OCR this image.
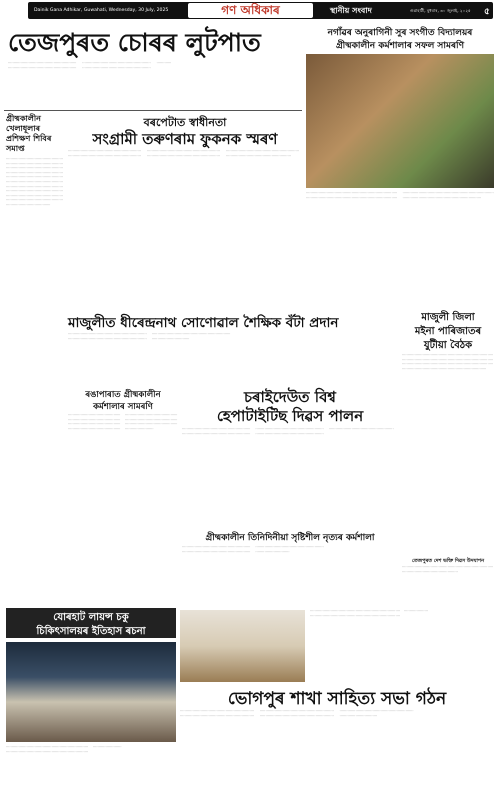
Dainik Gana Adhikar, Guwahati, Wednesday, 30 July, 2025	গণ অধিকাৰ	স্থানীয় সংবাদ	গুৱাহাটী, বুধবাৰ, ৩০ জুলাই, ২০২৫ ৫
তেজপুৰত চোৰৰ লুটপাত
ॱॱॱॱॱॱॱॱॱॱॱॱॱॱॱॱॱॱॱॱॱॱॱॱॱॱॱॱॱॱॱॱॱॱॱॱॱॱॱॱॱॱॱॱॱॱॱॱॱॱॱॱॱॱॱॱॱॱॱॱॱॱॱॱॱॱॱॱॱॱॱॱॱॱॱॱॱॱॱॱॱॱॱॱॱॱॱॱॱॱॱॱॱॱॱॱॱॱॱॱॱॱॱॱॱॱॱॱॱॱॱॱॱॱॱॱॱॱॱॱॱॱॱॱॱॱॱॱॱॱॱॱॱॱॱॱॱॱॱॱॱॱॱॱॱॱॱॱॱॱॱॱॱॱॱॱॱॱॱॱॱॱॱॱॱॱॱॱॱॱॱॱॱॱॱॱॱॱॱॱॱॱॱॱॱॱॱॱॱॱॱॱॱॱॱॱॱॱॱॱॱॱॱॱॱॱॱॱॱॱॱॱॱॱॱॱॱॱॱॱॱॱॱॱॱॱॱॱॱॱॱॱॱॱॱॱॱॱॱॱॱॱॱॱॱॱॱॱॱॱॱॱॱ
নগাঁৱৰ অনুৰাগিনী সুৰ সংগীত বিদ্যালয়ৰ
গ্ৰীষ্মকালীন কৰ্মশালাৰ সফল সামৰণি
গ্ৰীষ্মকালীন খেলাধূলাৰ প্ৰশিক্ষণ শিবিৰ সমাপ্ত
ॱॱॱॱॱॱॱॱॱॱॱॱॱॱॱॱॱॱॱॱॱॱॱॱॱॱॱॱॱॱॱॱॱॱॱॱॱॱॱॱॱॱॱॱॱॱॱॱॱॱॱॱॱॱॱॱॱॱॱॱॱॱॱॱॱॱॱॱॱॱॱॱॱॱॱॱॱॱॱॱॱॱॱॱॱॱॱॱॱॱॱॱॱॱॱॱॱॱॱॱॱॱॱॱॱॱॱॱॱॱॱॱॱॱॱॱॱॱॱॱॱॱॱॱॱॱॱॱॱॱॱॱॱॱॱॱॱॱॱॱॱॱॱॱॱॱॱॱॱॱॱॱॱॱॱॱॱॱॱॱॱॱॱॱॱॱॱॱॱॱॱॱॱॱॱॱॱॱॱॱॱॱॱॱॱॱॱॱॱॱॱॱॱॱॱॱॱॱॱॱॱॱॱॱॱॱॱॱॱॱॱॱॱॱॱॱॱॱॱॱॱॱॱॱॱॱॱॱॱॱॱॱॱॱॱॱॱॱॱॱॱॱॱॱॱॱॱॱॱॱॱॱॱॱॱॱॱॱॱॱॱॱॱॱॱॱॱॱॱॱॱॱॱॱॱॱॱॱॱॱॱॱॱॱॱॱॱॱॱॱॱॱॱॱॱॱॱॱॱॱॱॱॱॱॱॱॱॱॱॱॱॱॱॱॱॱॱॱॱॱॱॱॱॱॱॱॱॱॱॱॱॱॱॱॱॱॱॱॱॱॱॱॱॱॱॱॱॱॱॱॱॱॱॱॱॱॱॱॱॱॱॱॱॱॱॱॱॱॱॱॱॱॱॱॱॱॱॱॱॱॱॱॱॱॱॱॱॱॱॱॱॱॱॱॱॱॱॱॱॱॱॱॱॱॱॱॱॱॱॱॱॱॱॱॱॱॱॱॱॱॱॱॱॱॱॱॱॱॱॱॱॱॱॱॱॱॱॱॱॱॱॱॱॱॱॱॱॱॱॱॱॱॱॱॱॱॱॱॱॱॱॱॱॱॱॱॱॱॱॱॱॱॱॱॱॱॱॱॱॱॱॱॱॱॱॱॱॱॱॱॱॱॱॱॱॱॱॱॱॱॱॱॱॱॱॱॱॱॱॱॱॱॱॱॱॱॱॱॱॱॱॱॱॱॱॱॱॱॱॱॱॱॱॱॱॱॱॱॱ
বৰপেটাত স্বাধীনতা
সংগ্ৰামী তৰুণৰাম ফুকনক স্মৰণ
ॱॱॱॱॱॱॱॱॱॱॱॱॱॱॱॱॱॱॱॱॱॱॱॱॱॱॱॱॱॱॱॱॱॱॱॱॱॱॱॱॱॱॱॱॱॱॱॱॱॱॱॱॱॱॱॱॱॱॱॱॱॱॱॱॱॱॱॱॱॱॱॱॱॱॱॱॱॱॱॱॱॱॱॱॱॱॱॱॱॱॱॱॱॱॱॱॱॱॱॱॱॱॱॱॱॱॱॱॱॱॱॱॱॱॱॱॱॱॱॱॱॱॱॱॱॱॱॱॱॱॱॱॱॱॱॱॱॱॱॱॱॱॱॱॱॱॱॱॱॱॱॱॱॱॱॱॱॱॱॱॱॱॱॱॱॱॱॱॱॱॱॱॱॱॱॱॱॱॱॱॱॱॱॱॱॱॱॱॱॱॱॱॱॱॱॱॱॱॱॱॱॱॱॱॱॱॱॱॱॱॱॱॱॱॱॱॱॱॱॱॱॱॱॱॱॱॱॱॱॱॱॱॱॱॱॱॱॱॱॱॱॱॱॱॱॱॱॱॱॱॱॱॱॱॱॱॱॱॱॱॱॱॱॱॱॱॱॱॱॱॱॱॱॱॱॱॱॱॱॱॱॱॱॱॱॱॱॱॱॱॱॱॱॱॱॱॱॱॱॱॱॱॱॱॱॱॱॱॱॱॱॱॱॱॱॱॱॱॱॱॱॱॱॱॱॱॱॱॱॱॱॱॱॱॱॱॱॱॱॱॱॱॱॱॱॱॱॱॱॱॱॱॱॱॱॱॱॱॱॱॱॱॱॱॱॱॱॱॱॱॱॱॱॱॱॱॱ
মাজুলীত ধীৰেন্দ্ৰনাথ সোণোৱাল শৈক্ষিক বঁটা প্ৰদান
ॱॱॱॱॱॱॱॱॱॱॱॱॱॱॱॱॱॱॱॱॱॱॱॱॱॱॱॱॱॱॱॱॱॱॱॱॱॱॱॱॱॱॱॱॱॱॱॱॱॱॱॱॱॱॱॱॱॱॱॱॱॱॱॱॱॱॱॱॱॱॱॱॱॱॱॱॱॱॱॱॱॱॱॱॱॱॱॱॱॱॱॱॱॱॱॱॱॱॱॱॱॱॱॱॱॱॱॱॱॱॱॱॱॱॱॱॱॱॱॱॱॱॱॱॱॱॱॱॱॱॱॱॱॱॱॱॱॱॱॱॱॱॱॱॱॱॱॱॱॱॱॱॱॱॱॱॱॱॱॱॱॱॱॱॱॱॱॱॱॱॱॱॱॱॱॱॱॱॱॱॱॱॱॱॱॱॱॱॱॱॱॱॱॱॱॱॱॱॱॱॱॱॱॱॱॱॱॱॱॱॱॱॱॱॱॱॱॱॱॱॱॱॱॱॱॱॱॱॱॱॱॱॱॱॱॱॱॱॱॱ
ॱॱॱॱॱॱॱॱॱॱॱॱॱॱॱॱॱॱॱॱॱॱॱॱॱॱॱॱॱॱॱॱॱॱॱॱॱॱॱॱॱॱॱॱॱॱॱॱॱॱॱॱॱॱॱॱॱॱॱॱॱॱॱॱॱॱॱॱॱॱॱॱॱॱॱॱॱॱॱॱॱॱॱॱॱॱॱॱॱॱॱॱॱॱॱॱॱॱॱॱॱॱॱॱॱॱॱॱॱॱॱॱॱॱॱॱॱॱॱॱॱॱॱॱॱॱॱॱॱॱॱॱॱॱॱॱॱॱॱॱॱॱॱॱॱॱॱॱॱॱॱॱॱॱॱॱॱॱॱॱॱॱॱॱॱॱॱॱॱॱॱॱॱॱॱॱॱॱॱॱॱॱॱॱॱॱॱॱॱॱॱॱॱॱॱॱॱॱॱॱॱॱॱॱॱॱॱॱॱॱॱॱॱॱॱॱॱॱॱॱॱॱॱॱॱॱॱॱॱॱॱॱॱॱॱॱॱॱॱॱॱॱॱॱॱॱॱॱॱॱॱॱॱॱॱॱॱॱॱॱॱॱॱॱॱॱॱॱॱॱॱॱॱॱॱॱॱॱॱॱॱॱॱॱॱॱॱॱॱॱॱॱॱॱॱॱॱॱॱॱॱॱॱॱॱॱॱॱॱ
মাজুলী জিলা
মইনা পাৰিজাতৰ
যুটীয়া বৈঠক
ॱॱॱॱॱॱॱॱॱॱॱॱॱॱॱॱॱॱॱॱॱॱॱॱॱॱॱॱॱॱॱॱॱॱॱॱॱॱॱॱॱॱॱॱॱॱॱॱॱॱॱॱॱॱॱॱॱॱॱॱॱॱॱॱॱॱॱॱॱॱॱॱॱॱॱॱॱॱॱॱॱॱॱॱॱॱॱॱॱॱॱॱॱॱॱॱॱॱॱॱॱॱॱॱॱॱॱॱॱॱॱॱॱॱॱॱॱॱॱॱॱॱॱॱॱॱॱॱॱॱॱॱॱॱॱॱॱॱॱॱॱॱॱॱॱॱॱॱॱॱॱॱॱॱॱॱॱॱॱॱॱॱॱॱॱॱॱॱॱॱॱॱॱॱॱॱॱॱॱॱॱॱॱॱॱॱॱॱॱॱॱॱॱॱॱॱॱॱॱॱॱॱॱॱॱॱॱॱॱॱॱॱॱॱॱॱॱॱॱॱॱॱॱॱॱॱॱॱॱॱॱॱॱॱॱॱॱॱॱॱॱॱॱॱॱॱॱॱॱॱॱॱॱॱॱॱॱॱॱॱॱॱॱॱॱॱॱॱॱॱॱॱॱॱॱॱॱॱॱॱॱॱॱॱॱॱॱॱॱॱॱॱॱॱॱॱॱॱॱॱॱॱॱॱॱॱॱॱॱॱॱॱॱॱ
ৰঙাপাৰাত গ্ৰীষ্মকালীন
কৰ্মশালাৰ সামৰণি
ॱॱॱॱॱॱॱॱॱॱॱॱॱॱॱॱॱॱॱॱॱॱॱॱॱॱॱॱॱॱॱॱॱॱॱॱॱॱॱॱॱॱॱॱॱॱॱॱॱॱॱॱॱॱॱॱॱॱॱॱॱॱॱॱॱॱॱॱॱॱॱॱॱॱॱॱॱॱॱॱॱॱॱॱॱॱॱॱॱॱॱॱॱॱॱॱॱॱॱॱॱॱॱॱॱॱॱॱॱॱॱॱॱॱॱॱॱॱॱॱॱॱॱॱॱॱॱॱॱॱॱॱॱॱॱॱॱॱॱॱॱॱॱॱॱॱॱॱॱॱॱॱॱॱॱॱॱॱॱॱॱॱॱॱॱॱॱॱॱॱॱॱॱॱॱॱॱॱॱॱॱॱॱॱॱॱॱॱॱॱॱॱॱॱॱॱॱॱॱॱॱॱॱॱॱॱॱॱॱॱॱॱॱॱॱॱॱॱॱॱॱॱॱॱॱॱॱॱॱॱॱॱॱॱॱॱॱॱॱॱॱॱॱॱॱॱॱॱॱॱॱॱॱॱॱॱॱॱॱॱॱॱॱॱॱॱॱॱॱॱॱॱॱॱॱॱॱॱॱॱॱॱॱॱॱॱॱॱॱॱॱॱॱॱॱॱॱॱॱॱॱॱॱॱॱॱॱॱॱॱॱॱॱॱॱॱॱॱॱॱॱॱॱॱॱॱॱॱॱॱॱॱॱॱॱॱॱॱॱॱॱॱॱॱॱॱॱ
চৰাইদেউত বিশ্ব
হেপাটাইটিছ দিৱস পালন
ॱॱॱॱॱॱॱॱॱॱॱॱॱॱॱॱॱॱॱॱॱॱॱॱॱॱॱॱॱॱॱॱॱॱॱॱॱॱॱॱॱॱॱॱॱॱॱॱॱॱॱॱॱॱॱॱॱॱॱॱॱॱॱॱॱॱॱॱॱॱॱॱॱॱॱॱॱॱॱॱॱॱॱॱॱॱॱॱॱॱॱॱॱॱॱॱॱॱॱॱॱॱॱॱॱॱॱॱॱॱॱॱॱॱॱॱॱॱॱॱॱॱॱॱॱॱॱॱॱॱॱॱॱॱॱॱॱॱॱॱॱॱॱॱॱॱॱॱॱॱॱॱॱॱॱॱॱॱॱॱॱॱॱॱॱॱॱॱॱॱॱॱॱॱॱॱॱॱॱॱॱॱॱॱॱॱॱॱॱॱॱॱॱॱॱॱॱॱॱॱॱॱॱॱॱॱॱॱॱॱॱॱॱॱॱॱॱॱॱॱॱॱॱॱॱॱॱॱॱॱॱॱॱॱॱॱॱॱॱॱॱॱॱॱॱॱॱॱॱॱॱॱॱॱॱॱॱॱॱॱॱॱॱॱॱॱॱॱॱॱॱॱॱॱॱॱॱॱॱॱॱॱॱॱॱॱॱॱॱॱॱॱॱॱॱॱॱ
গ্ৰীষ্মকালীন তিনিদিনীয়া সৃষ্টিশীল নৃত্যৰ কৰ্মশালা
ॱॱॱॱॱॱॱॱॱॱॱॱॱॱॱॱॱॱॱॱॱॱॱॱॱॱॱॱॱॱॱॱॱॱॱॱॱॱॱॱॱॱॱॱॱॱॱॱॱॱॱॱॱॱॱॱॱॱॱॱॱॱॱॱॱॱॱॱॱॱॱॱॱॱॱॱॱॱॱॱॱॱॱॱॱॱॱॱॱॱॱॱॱॱॱॱॱॱॱॱॱॱॱॱॱॱॱॱॱॱॱॱॱॱॱॱॱॱॱॱॱॱॱॱॱॱॱॱॱॱॱॱॱॱॱॱॱॱॱॱॱॱॱॱॱॱॱॱॱॱॱॱॱॱॱॱॱॱॱॱॱॱॱॱॱॱॱॱॱॱॱॱॱॱॱॱॱॱॱॱॱॱॱॱॱॱॱॱॱॱॱॱॱॱॱॱॱॱॱॱॱॱॱॱॱॱॱॱॱॱ
তেজপুৰত দেশ ভক্তি দিৱস উদযাপন
ॱॱॱॱॱॱॱॱॱॱॱॱॱॱॱॱॱॱॱॱॱॱॱॱॱॱॱॱॱॱॱॱॱॱॱॱॱॱॱॱॱॱॱॱॱॱॱॱॱॱॱॱॱॱॱॱॱॱॱॱॱॱॱॱॱॱॱॱॱॱॱॱॱॱॱॱॱॱॱॱॱॱॱॱॱॱॱॱॱॱॱॱॱॱॱॱॱॱॱॱॱॱॱॱॱॱॱॱॱॱॱॱॱॱॱॱॱॱॱॱॱॱॱॱॱॱॱॱॱ
যোৰহাট লায়ন্স চকু
চিকিৎসালয়ৰ ইতিহাস ৰচনা
ॱॱॱॱॱॱॱॱॱॱॱॱॱॱॱॱॱॱॱॱॱॱॱॱॱॱॱॱॱॱॱॱॱॱॱॱॱॱॱॱॱॱॱॱॱॱॱॱॱॱॱॱॱॱॱॱॱॱॱॱॱॱॱॱॱॱॱॱॱॱॱॱॱॱॱॱॱॱॱॱॱॱॱॱॱॱॱॱॱॱॱॱॱॱॱॱॱॱॱॱॱॱॱॱॱॱॱॱॱॱॱॱॱॱॱॱॱॱॱॱॱॱॱॱॱॱॱॱॱॱॱॱॱॱॱॱॱॱॱॱॱॱॱॱॱॱॱॱॱॱॱॱॱॱॱॱॱॱॱॱॱॱॱॱॱॱॱॱॱ
ॱॱॱॱॱॱॱॱॱॱॱॱॱॱॱॱॱॱॱॱॱॱॱॱॱॱॱॱॱॱॱॱॱॱॱॱॱॱॱॱॱॱॱॱॱॱॱॱॱॱॱॱॱॱॱॱॱॱॱॱॱॱॱॱॱॱॱॱॱॱॱॱॱॱॱॱॱॱॱॱॱॱॱॱॱॱॱॱॱॱॱॱॱॱॱॱॱॱॱॱॱॱॱॱॱॱॱॱॱॱॱॱॱॱॱॱॱॱॱॱॱॱॱॱॱॱॱॱॱॱॱॱॱॱॱॱॱॱॱॱॱॱॱॱॱॱॱॱॱॱॱॱॱॱॱॱॱॱॱॱॱॱॱॱॱॱॱॱॱॱॱॱॱॱॱॱॱॱॱ
ভোগপুৰ শাখা সাহিত্য সভা গঠন
ॱॱॱॱॱॱॱॱॱॱॱॱॱॱॱॱॱॱॱॱॱॱॱॱॱॱॱॱॱॱॱॱॱॱॱॱॱॱॱॱॱॱॱॱॱॱॱॱॱॱॱॱॱॱॱॱॱॱॱॱॱॱॱॱॱॱॱॱॱॱॱॱॱॱॱॱॱॱॱॱॱॱॱॱॱॱॱॱॱॱॱॱॱॱॱॱॱॱॱॱॱॱॱॱॱॱॱॱॱॱॱॱॱॱॱॱॱॱॱॱॱॱॱॱॱॱॱॱॱॱॱॱॱॱॱॱॱॱॱॱॱॱॱॱॱॱॱॱॱॱॱॱॱॱॱॱॱॱॱॱॱॱॱॱॱॱॱॱॱॱॱॱॱॱॱॱॱॱॱॱॱॱॱॱॱॱॱॱॱॱॱॱॱॱॱॱॱॱॱॱॱॱॱॱॱॱॱॱॱॱॱॱॱॱॱॱॱॱॱॱॱॱॱॱॱॱॱॱॱॱॱॱॱॱॱॱॱॱॱॱॱॱॱॱॱॱॱॱॱॱॱॱॱॱॱॱॱॱॱॱॱॱॱॱॱॱॱॱॱॱॱॱॱॱॱॱॱॱॱॱॱॱॱॱॱॱॱॱॱॱॱॱॱॱॱॱॱॱॱॱॱॱॱॱॱॱॱॱॱॱॱॱॱॱॱॱॱॱॱॱॱॱॱॱॱॱॱॱॱॱॱॱॱॱॱॱॱॱॱॱॱॱॱॱॱॱॱॱॱॱॱॱॱॱॱॱॱॱ
